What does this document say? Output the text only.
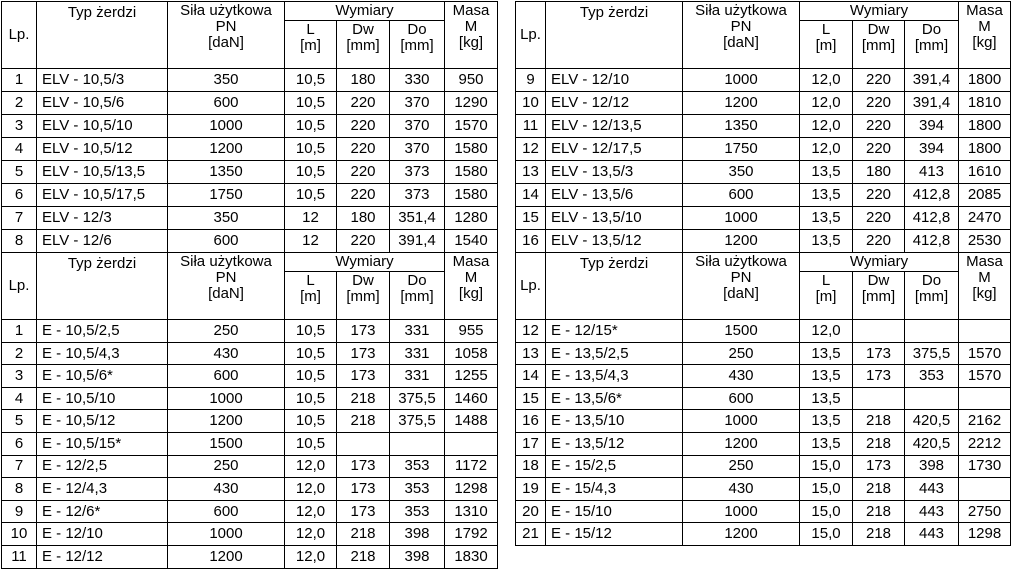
Lp.	Typ żerdzi	Siła użytkowa
PN
[daN]	Wymiary			Masa
M
[kg]
			L
[m]	Dw
[mm]	Do
[mm]	

1	ELV - 10,5/3	350	10,5	180	330	950
2	ELV - 10,5/6	600	10,5	220	370	1290
3	ELV - 10,5/10	1000	10,5	220	370	1570
4	ELV - 10,5/12	1200	10,5	220	370	1580
5	ELV - 10,5/13,5	1350	10,5	220	373	1580
6	ELV - 10,5/17,5	1750	10,5	220	373	1580
7	ELV - 12/3	350	12	180	351,4	1280
8	ELV - 12/6	600	12	220	391,4	1540
Lp.	Typ żerdzi	Siła użytkowa
PN
[daN]	Wymiary			Masa
M
[kg]
			L
[m]	Dw
[mm]	Do
[mm]	

9	ELV - 12/10	1000	12,0	220	391,4	1800
10	ELV - 12/12	1200	12,0	220	391,4	1810
11	ELV - 12/13,5	1350	12,0	220	394	1800
12	ELV - 12/17,5	1750	12,0	220	394	1800
13	ELV - 13,5/3	350	13,5	180	413	1610
14	ELV - 13,5/6	600	13,5	220	412,8	2085
15	ELV - 13,5/10	1000	13,5	220	412,8	2470
16	ELV - 13,5/12	1200	13,5	220	412,8	2530
Lp.	Typ żerdzi	Siła użytkowa
PN
[daN]	Wymiary			Masa
M
[kg]
			L
[m]	Dw
[mm]	Do
[mm]	

1	E - 10,5/2,5	250	10,5	173	331	955
2	E - 10,5/4,3	430	10,5	173	331	1058
3	E - 10,5/6*	600	10,5	173	331	1255
4	E - 10,5/10	1000	10,5	218	375,5	1460
5	E - 10,5/12	1200	10,5	218	375,5	1488
6	E - 10,5/15*	1500	10,5			
7	E - 12/2,5	250	12,0	173	353	1172
8	E - 12/4,3	430	12,0	173	353	1298
9	E - 12/6*	600	12,0	173	353	1310
10	E - 12/10	1000	12,0	218	398	1792
11	E - 12/12	1200	12,0	218	398	1830
Lp.	Typ żerdzi	Siła użytkowa
PN
[daN]	Wymiary			Masa
M
[kg]
			L
[m]	Dw
[mm]	Do
[mm]	

12	E - 12/15*	1500	12,0			
13	E - 13,5/2,5	250	13,5	173	375,5	1570
14	E - 13,5/4,3	430	13,5	173	353	1570
15	E - 13,5/6*	600	13,5			
16	E - 13,5/10	1000	13,5	218	420,5	2162
17	E - 13,5/12	1200	13,5	218	420,5	2212
18	E - 15/2,5	250	15,0	173	398	1730
19	E - 15/4,3	430	15,0	218	443	
20	E - 15/10	1000	15,0	218	443	2750
21	E - 15/12	1200	15,0	218	443	1298
